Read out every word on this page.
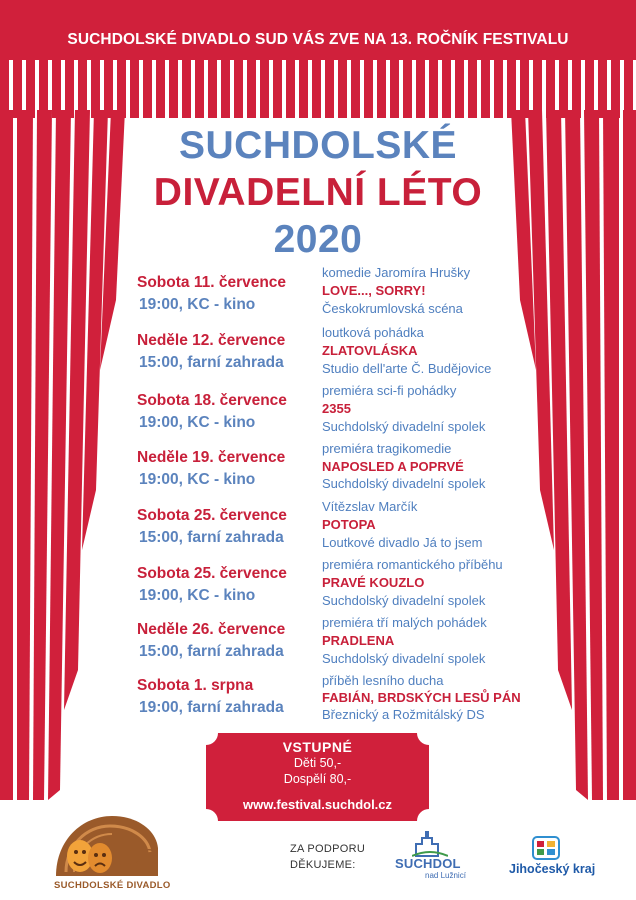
SUCHDOLSKÉ DIVADLO SUD VÁS ZVE NA 13. ROČNÍK FESTIVALU
SUCHDOLSKÉ
DIVADELNÍ LÉTO
2020
Sobota 11. července
19:00, KC - kino
komedie Jaromíra Hrušky
LOVE..., SORRY!
Českokrumlovská scéna
Neděle 12. července
15:00, farní zahrada
loutková pohádka
ZLATOVLÁSKA
Studio dell'arte Č. Budějovice
Sobota 18. července
19:00, KC - kino
premiéra sci-fi pohádky
2355
Suchdolský divadelní spolek
Neděle 19. července
19:00, KC - kino
premiéra tragikomedie
NAPOSLED A POPRVÉ
Suchdolský divadelní spolek
Sobota 25. července
15:00, farní zahrada
Vítězslav Marčík
POTOPA
Loutkové divadlo Já to jsem
Sobota 25. července
19:00, KC - kino
premiéra romantického příběhu
PRAVÉ KOUZLO
Suchdolský divadelní spolek
Neděle 26. července
15:00, farní zahrada
premiéra tří malých pohádek
PRADLENA
Suchdolský divadelní spolek
Sobota 1. srpna
19:00, farní zahrada
příběh lesního ducha
FABIÁN, BRDSKÝCH LESŮ PÁN
Březnický a Rožmitálský DS
VSTUPNÉ
Děti 50,-
Dospělí 80,-
www.festival.suchdol.cz
SUD
SUCHDOLSKÉ DIVADLO
ZA PODPORU
DĚKUJEME:	SUCHDOL
nad Lužnicí	Jihočeský kraj
